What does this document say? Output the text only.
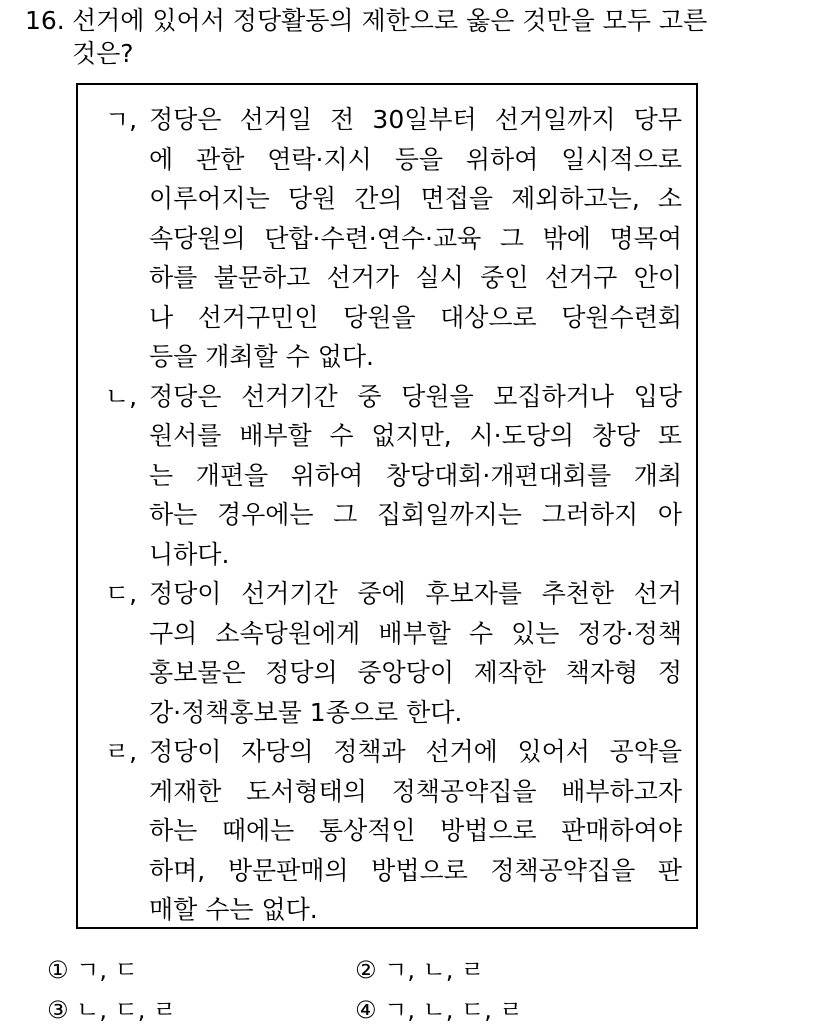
16. 선거에 있어서 정당활동의 제한으로 옳은 것만을 모두 고른
것은?
ㄱ, 정당은 선거일 전 30일부터 선거일까지 당무
에 관한 연락·지시 등을 위하여 일시적으로
이루어지는 당원 간의 면접을 제외하고는, 소
속당원의 단합·수련·연수·교육 그 밖에 명목여
하를 불문하고 선거가 실시 중인 선거구 안이
나 선거구민인 당원을 대상으로 당원수련회
등을 개최할 수 없다.
ㄴ, 정당은 선거기간 중 당원을 모집하거나 입당
원서를 배부할 수 없지만, 시·도당의 창당 또
는 개편을 위하여 창당대회·개편대회를 개최
하는 경우에는 그 집회일까지는 그러하지 아
니하다.
ㄷ, 정당이 선거기간 중에 후보자를 추천한 선거
구의 소속당원에게 배부할 수 있는 정강·정책
홍보물은 정당의 중앙당이 제작한 책자형 정
강·정책홍보물 1종으로 한다.
ㄹ, 정당이 자당의 정책과 선거에 있어서 공약을
게재한 도서형태의 정책공약집을 배부하고자
하는 때에는 통상적인 방법으로 판매하여야
하며, 방문판매의 방법으로 정책공약집을 판
매할 수는 없다.
① ㄱ, ㄷ	② ㄱ, ㄴ, ㄹ
③ ㄴ, ㄷ, ㄹ	④ ㄱ, ㄴ, ㄷ, ㄹ
